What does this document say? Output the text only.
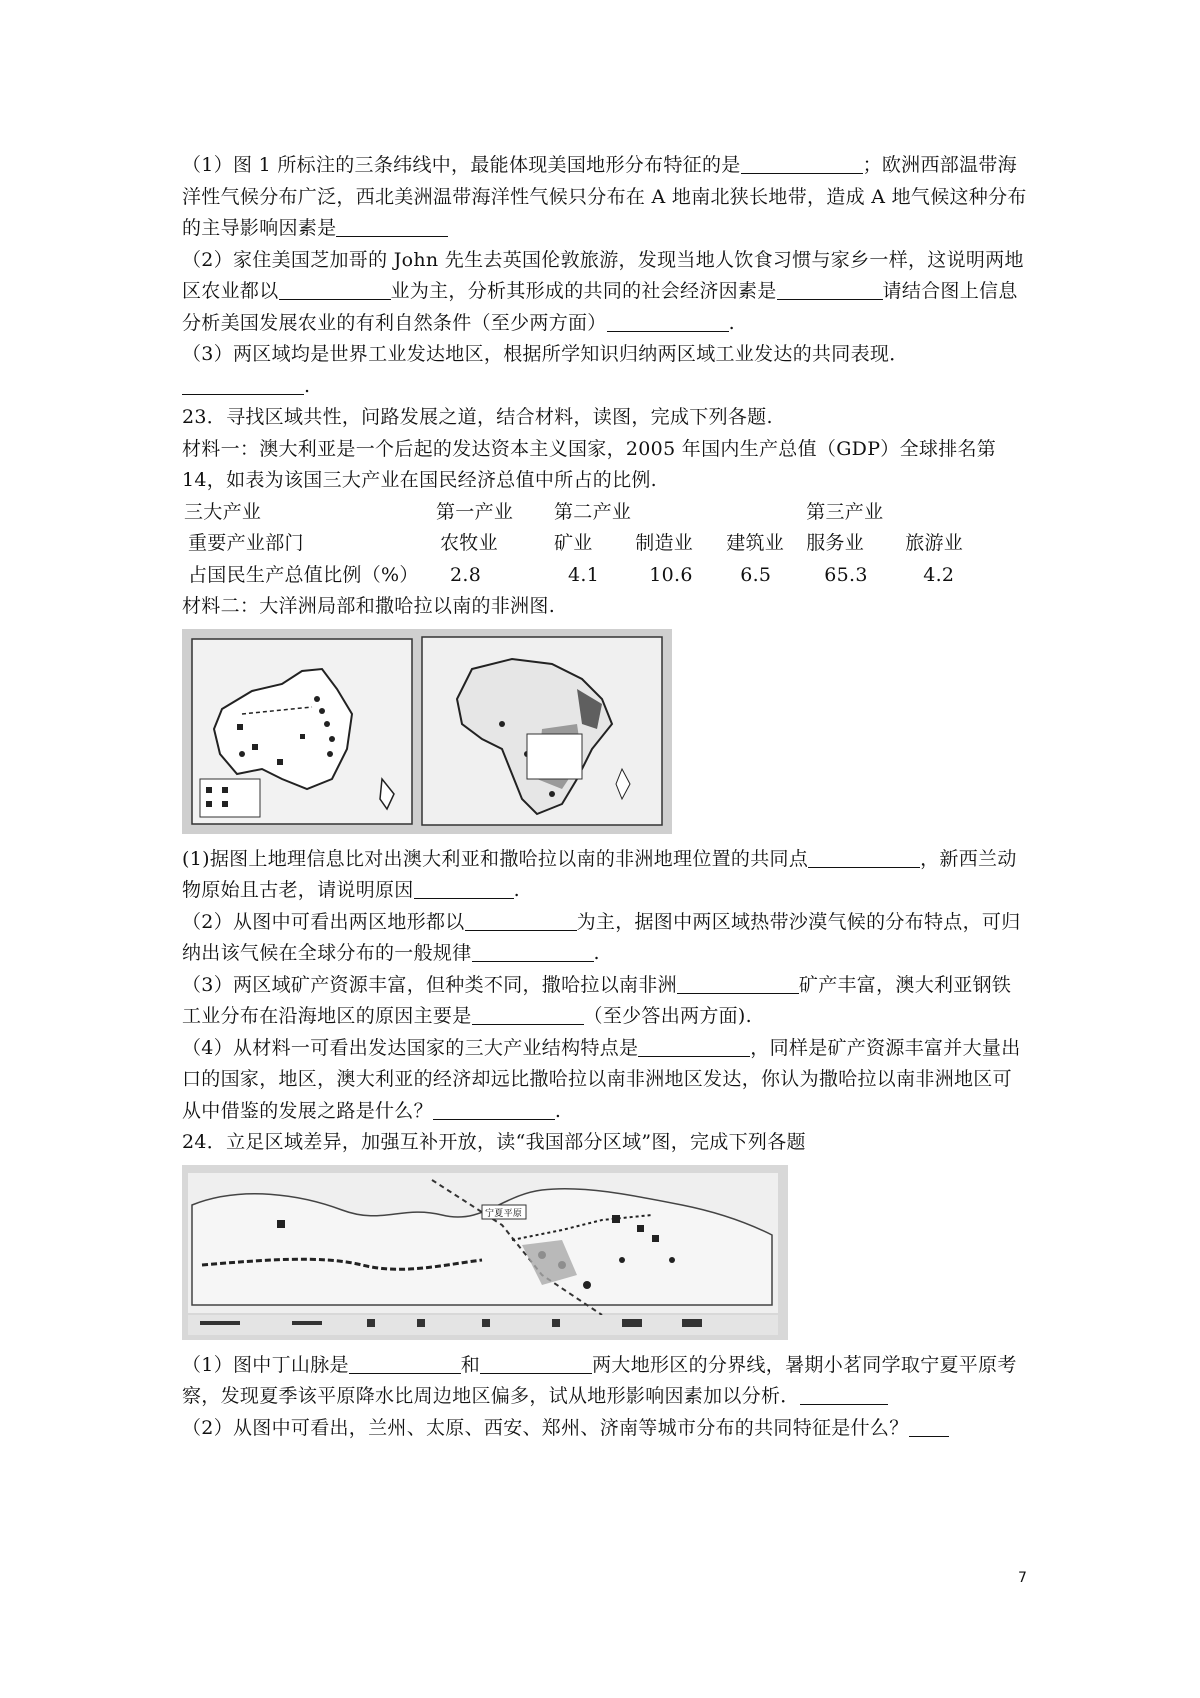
（1）图 1 所标注的三条纬线中，最能体现美国地形分布特征的是	；欧洲西部温带海洋性气候分布广泛，西北美洲温带海洋性气候只分布在 A 地南北狭长地带，造成 A 地气候这种分布的主导影响因素是

（2）家住美国芝加哥的 John 先生去英国伦敦旅游，发现当地人饮食习惯与家乡一样，这说明两地区农业都以	业为主，分析其形成的共同的社会经济因素是	请结合图上信息分析美国发展农业的有利自然条件（至少两方面）	.

（3）两区域均是世界工业发达地区，根据所学知识归纳两区域工业发达的共同表现．.

23．寻找区域共性，问路发展之道，结合材料，读图，完成下列各题.

材料一：澳大利亚是一个后起的发达资本主义国家，2005 年国内生产总值（GDP）全球排名第 14，如表为该国三大产业在国民经济总值中所占的比例.

三大产业	第一产业	第二产业			第三产业	
重要产业部门	农牧业	矿业	制造业	建筑业	服务业	旅游业
占国民生产总值比例（%）	2.8	4.1	10.6	6.5	65.3	4.2

材料二：大洋洲局部和撒哈拉以南的非洲图.

(1)据图上地理信息比对出澳大利亚和撒哈拉以南的非洲地理位置的共同点	，新西兰动物原始且古老，请说明原因	.

（2）从图中可看出两区地形都以	为主，据图中两区域热带沙漠气候的分布特点，可归纳出该气候在全球分布的一般规律	.

（3）两区域矿产资源丰富，但种类不同，撒哈拉以南非洲	矿产丰富，澳大利亚钢铁工业分布在沿海地区的原因主要是	（至少答出两方面).

（4）从材料一可看出发达国家的三大产业结构特点是	，同样是矿产资源丰富并大量出口的国家，地区，澳大利亚的经济却远比撒哈拉以南非洲地区发达，你认为撒哈拉以南非洲地区可从中借鉴的发展之路是什么？	.

24．立足区域差异，加强互补开放，读“我国部分区域”图，完成下列各题

宁夏平原

（1）图中丁山脉是	和	两大地形区的分界线，暑期小茗同学取宁夏平原考察，发现夏季该平原降水比周边地区偏多，试从地形影响因素加以分析．

（2）从图中可看出，兰州、太原、西安、郑州、济南等城市分布的共同特征是什么？

7
